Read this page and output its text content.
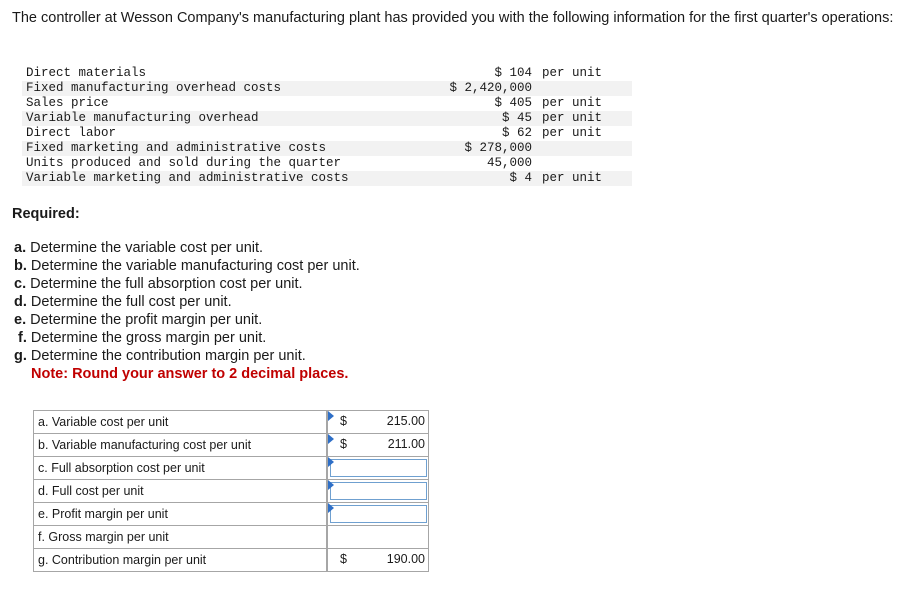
The controller at Wesson Company's manufacturing plant has provided you with the following information for the first quarter's operations:
Direct materials	$ 104	per unit
Fixed manufacturing overhead costs	$ 2,420,000	
Sales price	$ 405	per unit
Variable manufacturing overhead	$ 45	per unit
Direct labor	$ 62	per unit
Fixed marketing and administrative costs	$ 278,000	
Units produced and sold during the quarter	45,000	
Variable marketing and administrative costs	$ 4	per unit
Required:
a. Determine the variable cost per unit.
b. Determine the variable manufacturing cost per unit.
c. Determine the full absorption cost per unit.
d. Determine the full cost per unit.
e. Determine the profit margin per unit.
f. Determine the gross margin per unit.
g. Determine the contribution margin per unit.
Note: Round your answer to 2 decimal places.
a. Variable cost per unit		$ 215.00

b. Variable manufacturing cost per unit		$ 211.00

c. Full absorption cost per unit		

d. Full cost per unit		

e. Profit margin per unit		

f. Gross margin per unit		

g. Contribution margin per unit		$ 190.00
